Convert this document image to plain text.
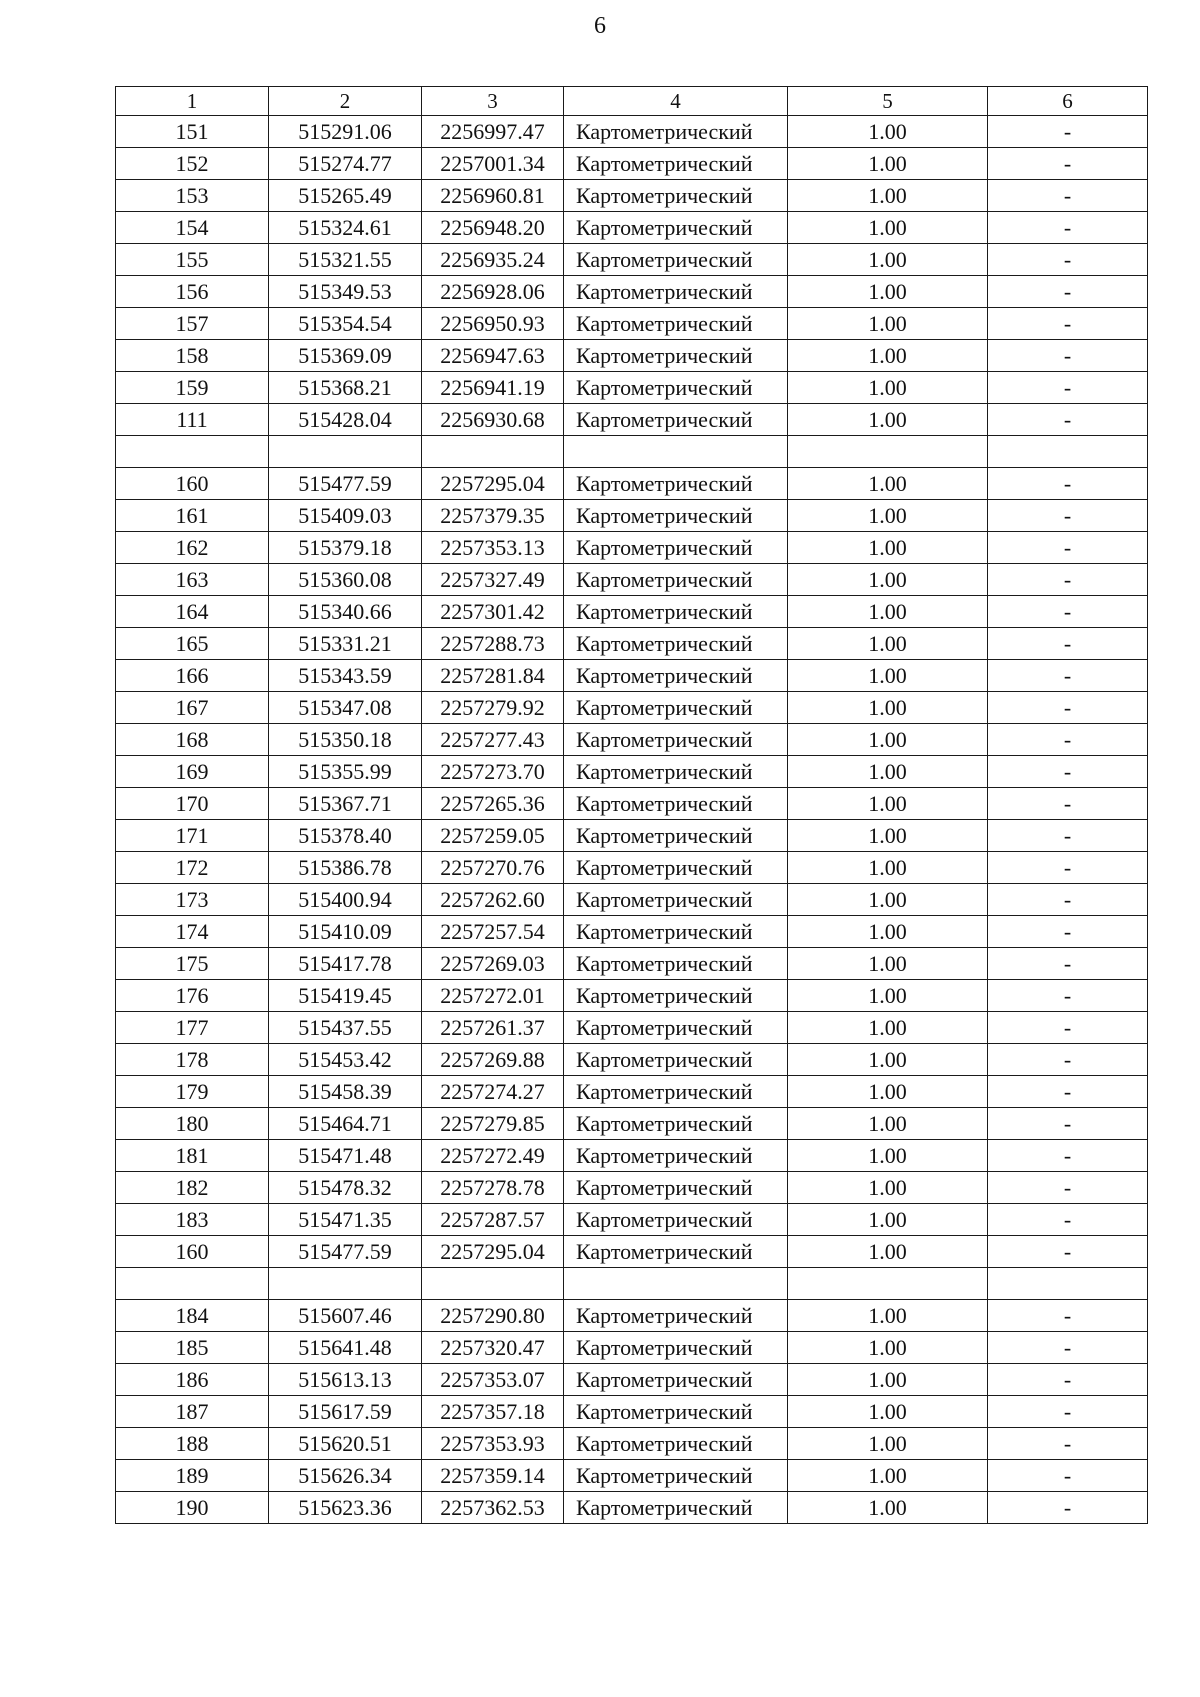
6
1	2	3	4	5	6
151	515291.06	2256997.47	Картометрический	1.00	-
152	515274.77	2257001.34	Картометрический	1.00	-
153	515265.49	2256960.81	Картометрический	1.00	-
154	515324.61	2256948.20	Картометрический	1.00	-
155	515321.55	2256935.24	Картометрический	1.00	-
156	515349.53	2256928.06	Картометрический	1.00	-
157	515354.54	2256950.93	Картометрический	1.00	-
158	515369.09	2256947.63	Картометрический	1.00	-
159	515368.21	2256941.19	Картометрический	1.00	-
111	515428.04	2256930.68	Картометрический	1.00	-

160	515477.59	2257295.04	Картометрический	1.00	-
161	515409.03	2257379.35	Картометрический	1.00	-
162	515379.18	2257353.13	Картометрический	1.00	-
163	515360.08	2257327.49	Картометрический	1.00	-
164	515340.66	2257301.42	Картометрический	1.00	-
165	515331.21	2257288.73	Картометрический	1.00	-
166	515343.59	2257281.84	Картометрический	1.00	-
167	515347.08	2257279.92	Картометрический	1.00	-
168	515350.18	2257277.43	Картометрический	1.00	-
169	515355.99	2257273.70	Картометрический	1.00	-
170	515367.71	2257265.36	Картометрический	1.00	-
171	515378.40	2257259.05	Картометрический	1.00	-
172	515386.78	2257270.76	Картометрический	1.00	-
173	515400.94	2257262.60	Картометрический	1.00	-
174	515410.09	2257257.54	Картометрический	1.00	-
175	515417.78	2257269.03	Картометрический	1.00	-
176	515419.45	2257272.01	Картометрический	1.00	-
177	515437.55	2257261.37	Картометрический	1.00	-
178	515453.42	2257269.88	Картометрический	1.00	-
179	515458.39	2257274.27	Картометрический	1.00	-
180	515464.71	2257279.85	Картометрический	1.00	-
181	515471.48	2257272.49	Картометрический	1.00	-
182	515478.32	2257278.78	Картометрический	1.00	-
183	515471.35	2257287.57	Картометрический	1.00	-
160	515477.59	2257295.04	Картометрический	1.00	-

184	515607.46	2257290.80	Картометрический	1.00	-
185	515641.48	2257320.47	Картометрический	1.00	-
186	515613.13	2257353.07	Картометрический	1.00	-
187	515617.59	2257357.18	Картометрический	1.00	-
188	515620.51	2257353.93	Картометрический	1.00	-
189	515626.34	2257359.14	Картометрический	1.00	-
190	515623.36	2257362.53	Картометрический	1.00	-
